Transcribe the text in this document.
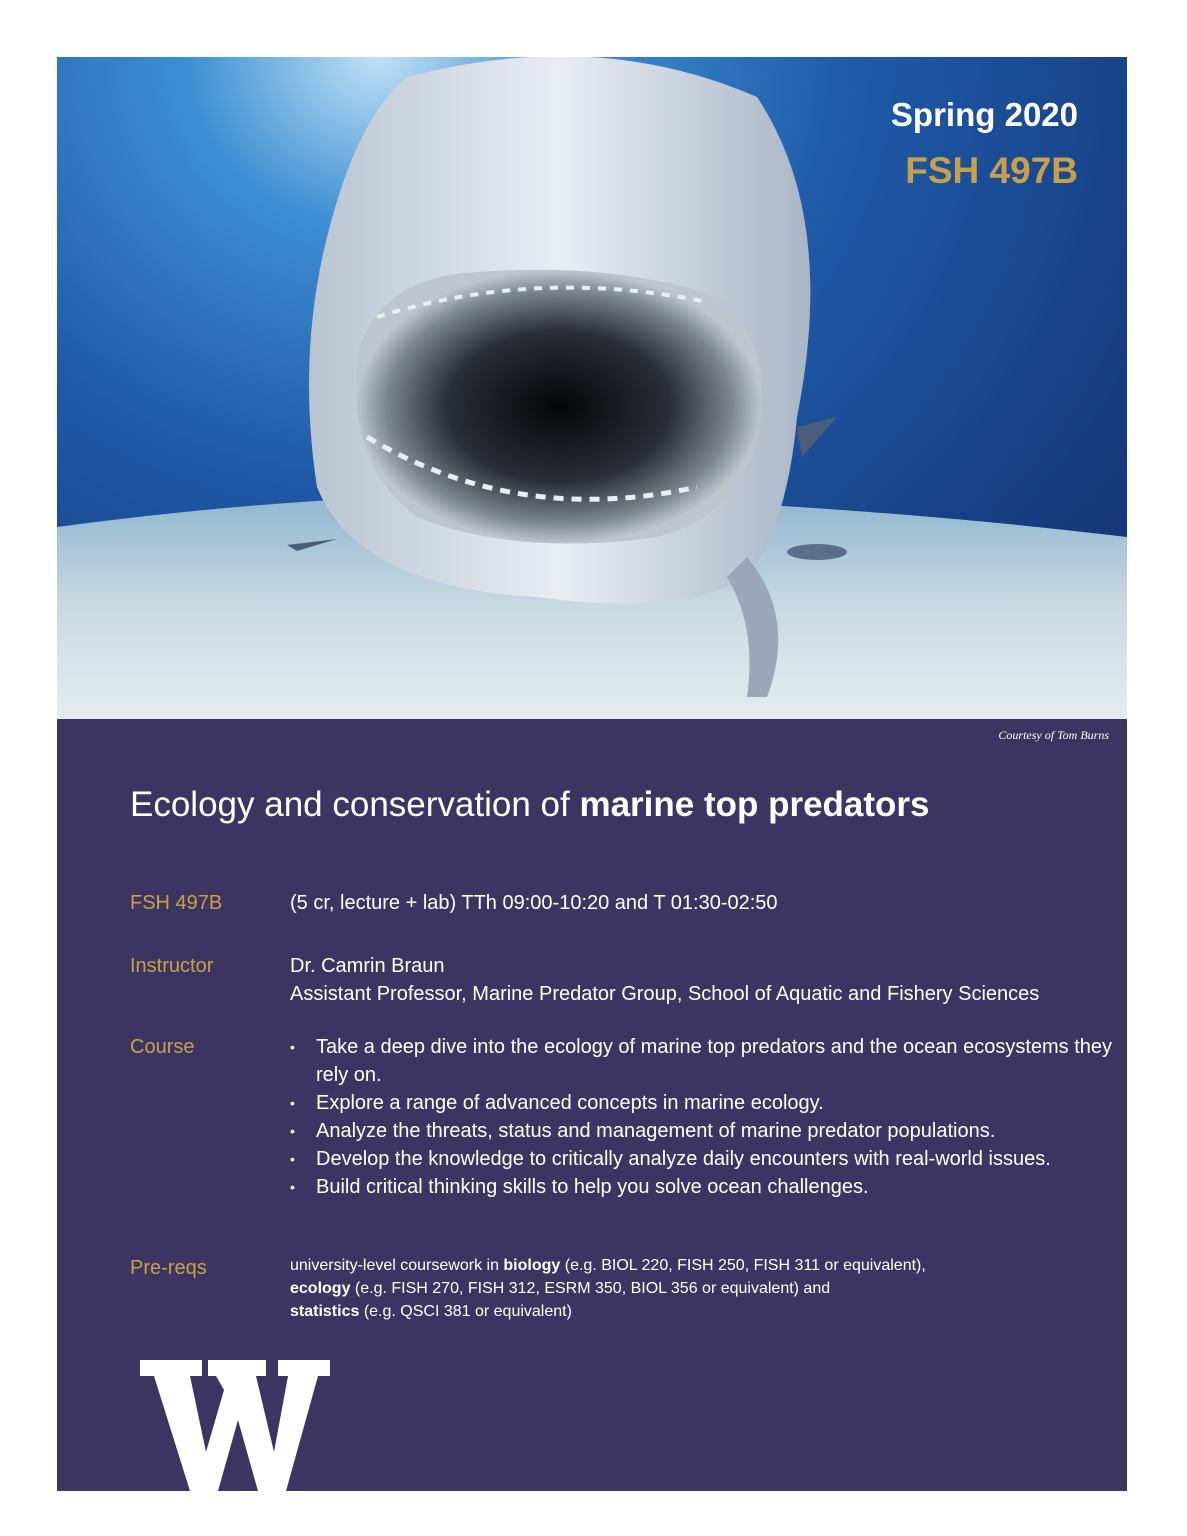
Spring 2020
FSH 497B
Courtesy of Tom Burns
Ecology and conservation of marine top predators
FSH 497B	(5 cr, lecture + lab) TTh 09:00-10:20 and T 01:30-02:50
Instructor	Dr. Camrin Braun
Assistant Professor, Marine Predator Group, School of Aquatic and Fishery Sciences
Course
•	Take a deep dive into the ecology of marine top predators and the ocean ecosystems they rely on.
• Explore a range of advanced concepts in marine ecology.
• Analyze the threats, status and management of marine predator populations.
• Develop the knowledge to critically analyze daily encounters with real-world issues.
• Build critical thinking skills to help you solve ocean challenges.
Pre-reqs	university-level coursework in biology (e.g. BIOL 220, FISH 250, FISH 311 or equivalent),
ecology (e.g. FISH 270, FISH 312, ESRM 350, BIOL 356 or equivalent) and
statistics (e.g. QSCI 381 or equivalent)
